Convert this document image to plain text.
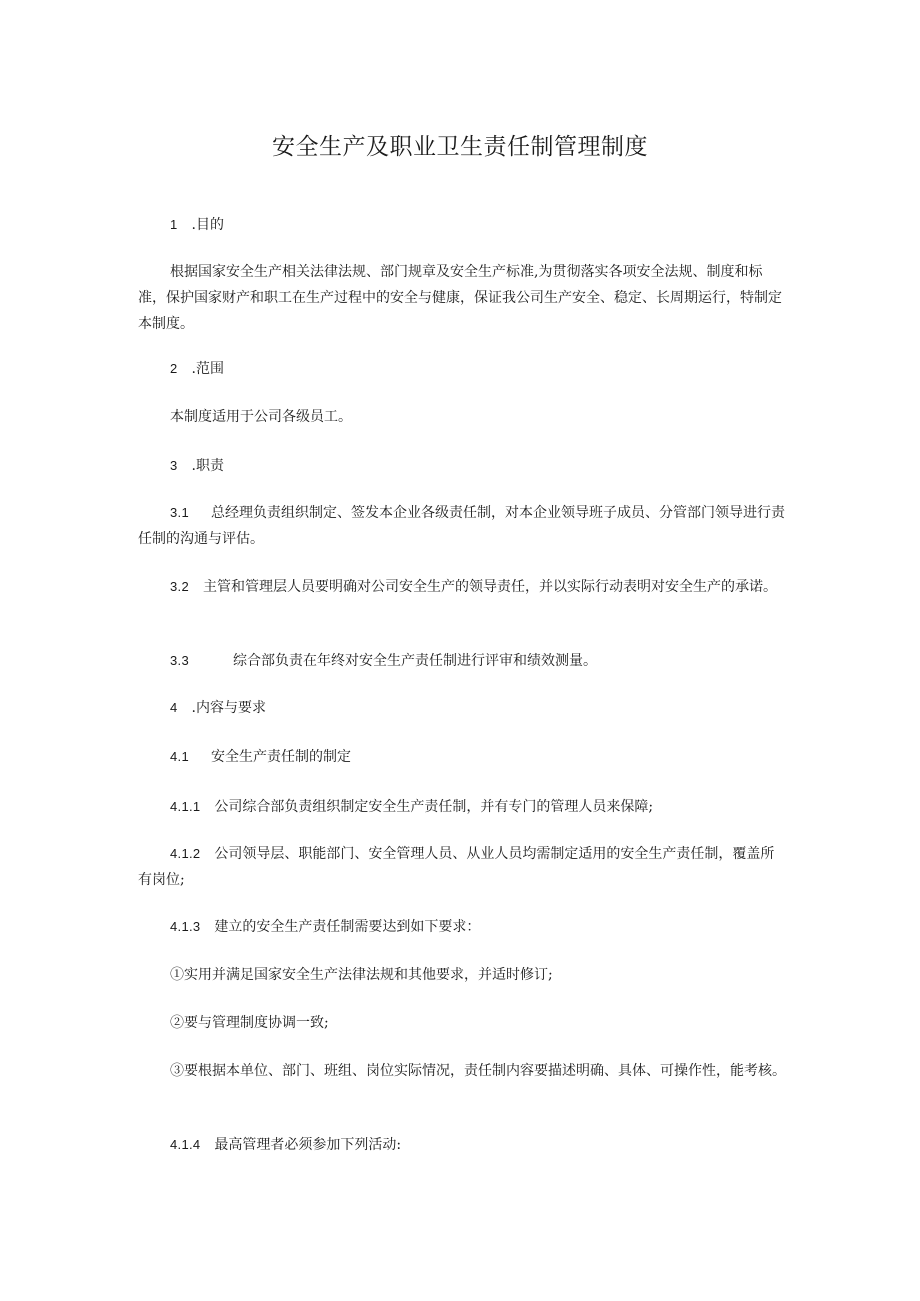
安全生产及职业卫生责任制管理制度

1 .目的

根据国家安全生产相关法律法规、部门规章及安全生产标准,为贯彻落实各项安全法规、制度和标准，保护国家财产和职工在生产过程中的安全与健康，保证我公司生产安全、稳定、长周期运行，特制定本制度。

2 .范围

本制度适用于公司各级员工。

3 .职责

3.1 总经理负责组织制定、签发本企业各级责任制，对本企业领导班子成员、分管部门领导进行责任制的沟通与评估。

3.2 主管和管理层人员要明确对公司安全生产的领导责任，并以实际行动表明对安全生产的承诺。

3.3	综合部负责在年终对安全生产责任制进行评审和绩效测量。

4 .内容与要求

4.1 安全生产责任制的制定

4.1.1 公司综合部负责组织制定安全生产责任制，并有专门的管理人员来保障;

4.1.2 公司领导层、职能部门、安全管理人员、从业人员均需制定适用的安全生产责任制，覆盖所有岗位;

4.1.3 建立的安全生产责任制需要达到如下要求：

①实用并满足国家安全生产法律法规和其他要求，并适时修订;

②要与管理制度协调一致;

③要根据本单位、部门、班组、岗位实际情况，责任制内容要描述明确、具体、可操作性，能考核。

4.1.4 最高管理者必须参加下列活动:
